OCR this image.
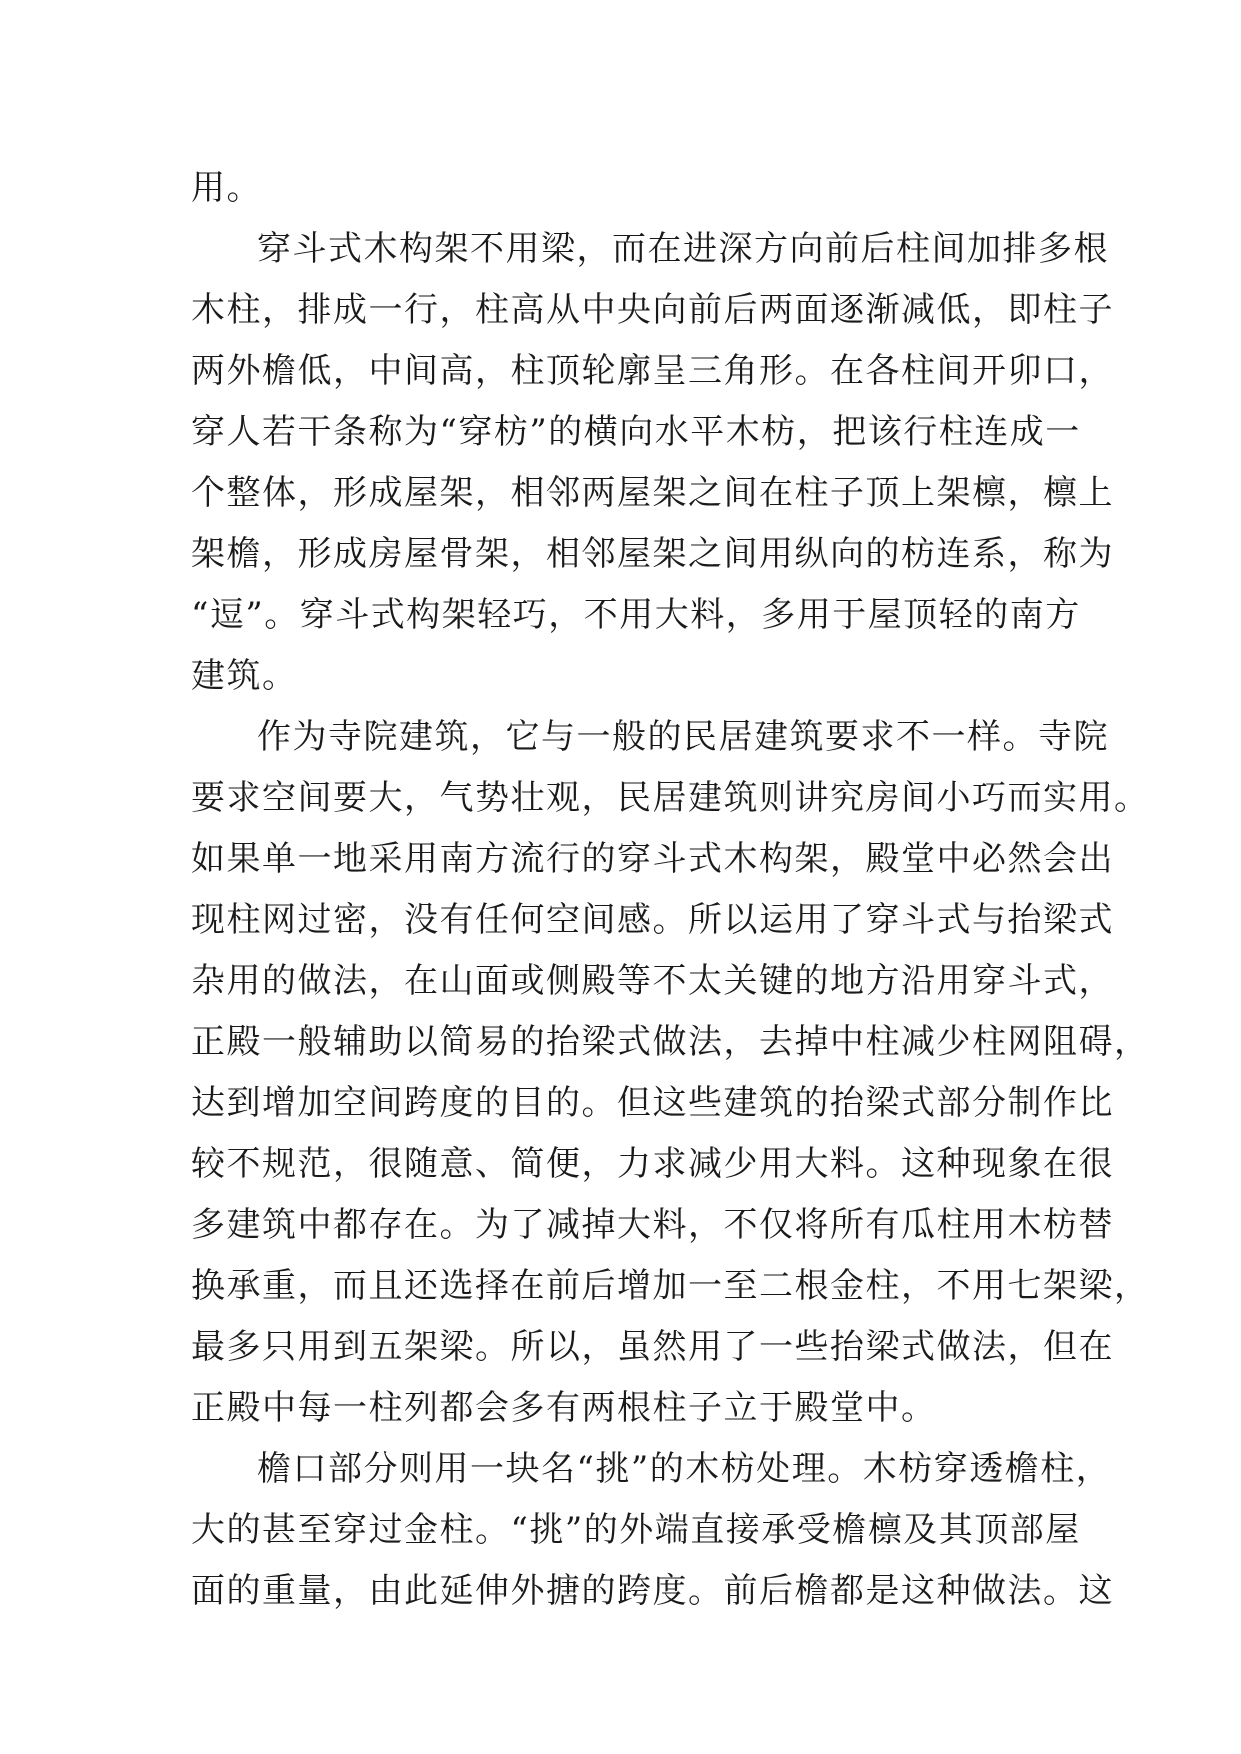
用。
穿斗式木构架不用梁，而在进深方向前后柱间加排多根
木柱，排成一行，柱高从中央向前后两面逐渐减低，即柱子
两外檐低，中间高，柱顶轮廓呈三角形。在各柱间开卯口，
穿人若干条称为“穿枋”的横向水平木枋，把该行柱连成一
个整体，形成屋架，相邻两屋架之间在柱子顶上架檩，檩上
架檐，形成房屋骨架，相邻屋架之间用纵向的枋连系，称为
“逗”。穿斗式构架轻巧，不用大料，多用于屋顶轻的南方
建筑。
作为寺院建筑，它与一般的民居建筑要求不一样。寺院
要求空间要大，气势壮观，民居建筑则讲究房间小巧而实用。
如果单一地采用南方流行的穿斗式木构架，殿堂中必然会出
现柱网过密，没有任何空间感。所以运用了穿斗式与抬梁式
杂用的做法，在山面或侧殿等不太关键的地方沿用穿斗式，
正殿一般辅助以简易的抬梁式做法，去掉中柱减少柱网阻碍，
达到增加空间跨度的目的。但这些建筑的抬梁式部分制作比
较不规范，很随意、简便，力求减少用大料。这种现象在很
多建筑中都存在。为了减掉大料，不仅将所有瓜柱用木枋替
换承重，而且还选择在前后增加一至二根金柱，不用七架梁，
最多只用到五架梁。所以，虽然用了一些抬梁式做法，但在
正殿中每一柱列都会多有两根柱子立于殿堂中。
檐口部分则用一块名“挑”的木枋处理。木枋穿透檐柱，
大的甚至穿过金柱。“挑”的外端直接承受檐檩及其顶部屋
面的重量，由此延伸外搪的跨度。前后檐都是这种做法。这
